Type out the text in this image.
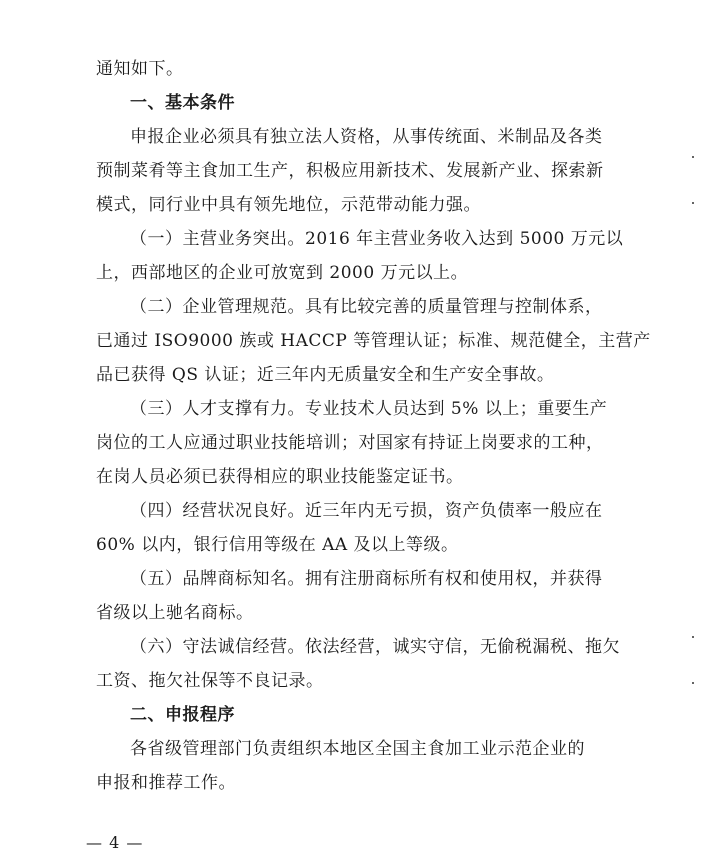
通知如下。
一、基本条件
申报企业必须具有独立法人资格，从事传统面、米制品及各类
预制菜肴等主食加工生产，积极应用新技术、发展新产业、探索新
模式，同行业中具有领先地位，示范带动能力强。
（一）主营业务突出。2016 年主营业务收入达到 5000 万元以
上，西部地区的企业可放宽到 2000 万元以上。
（二）企业管理规范。具有比较完善的质量管理与控制体系，
已通过 ISO9000 族或 HACCP 等管理认证；标准、规范健全，主营产
品已获得 QS 认证；近三年内无质量安全和生产安全事故。
（三）人才支撑有力。专业技术人员达到 5% 以上；重要生产
岗位的工人应通过职业技能培训；对国家有持证上岗要求的工种，
在岗人员必须已获得相应的职业技能鉴定证书。
（四）经营状况良好。近三年内无亏损，资产负债率一般应在
60% 以内，银行信用等级在 AA 及以上等级。
（五）品牌商标知名。拥有注册商标所有权和使用权，并获得
省级以上驰名商标。
（六）守法诚信经营。依法经营，诚实守信，无偷税漏税、拖欠
工资、拖欠社保等不良记录。
二、申报程序
各省级管理部门负责组织本地区全国主食加工业示范企业的
申报和推荐工作。
— 4 —
